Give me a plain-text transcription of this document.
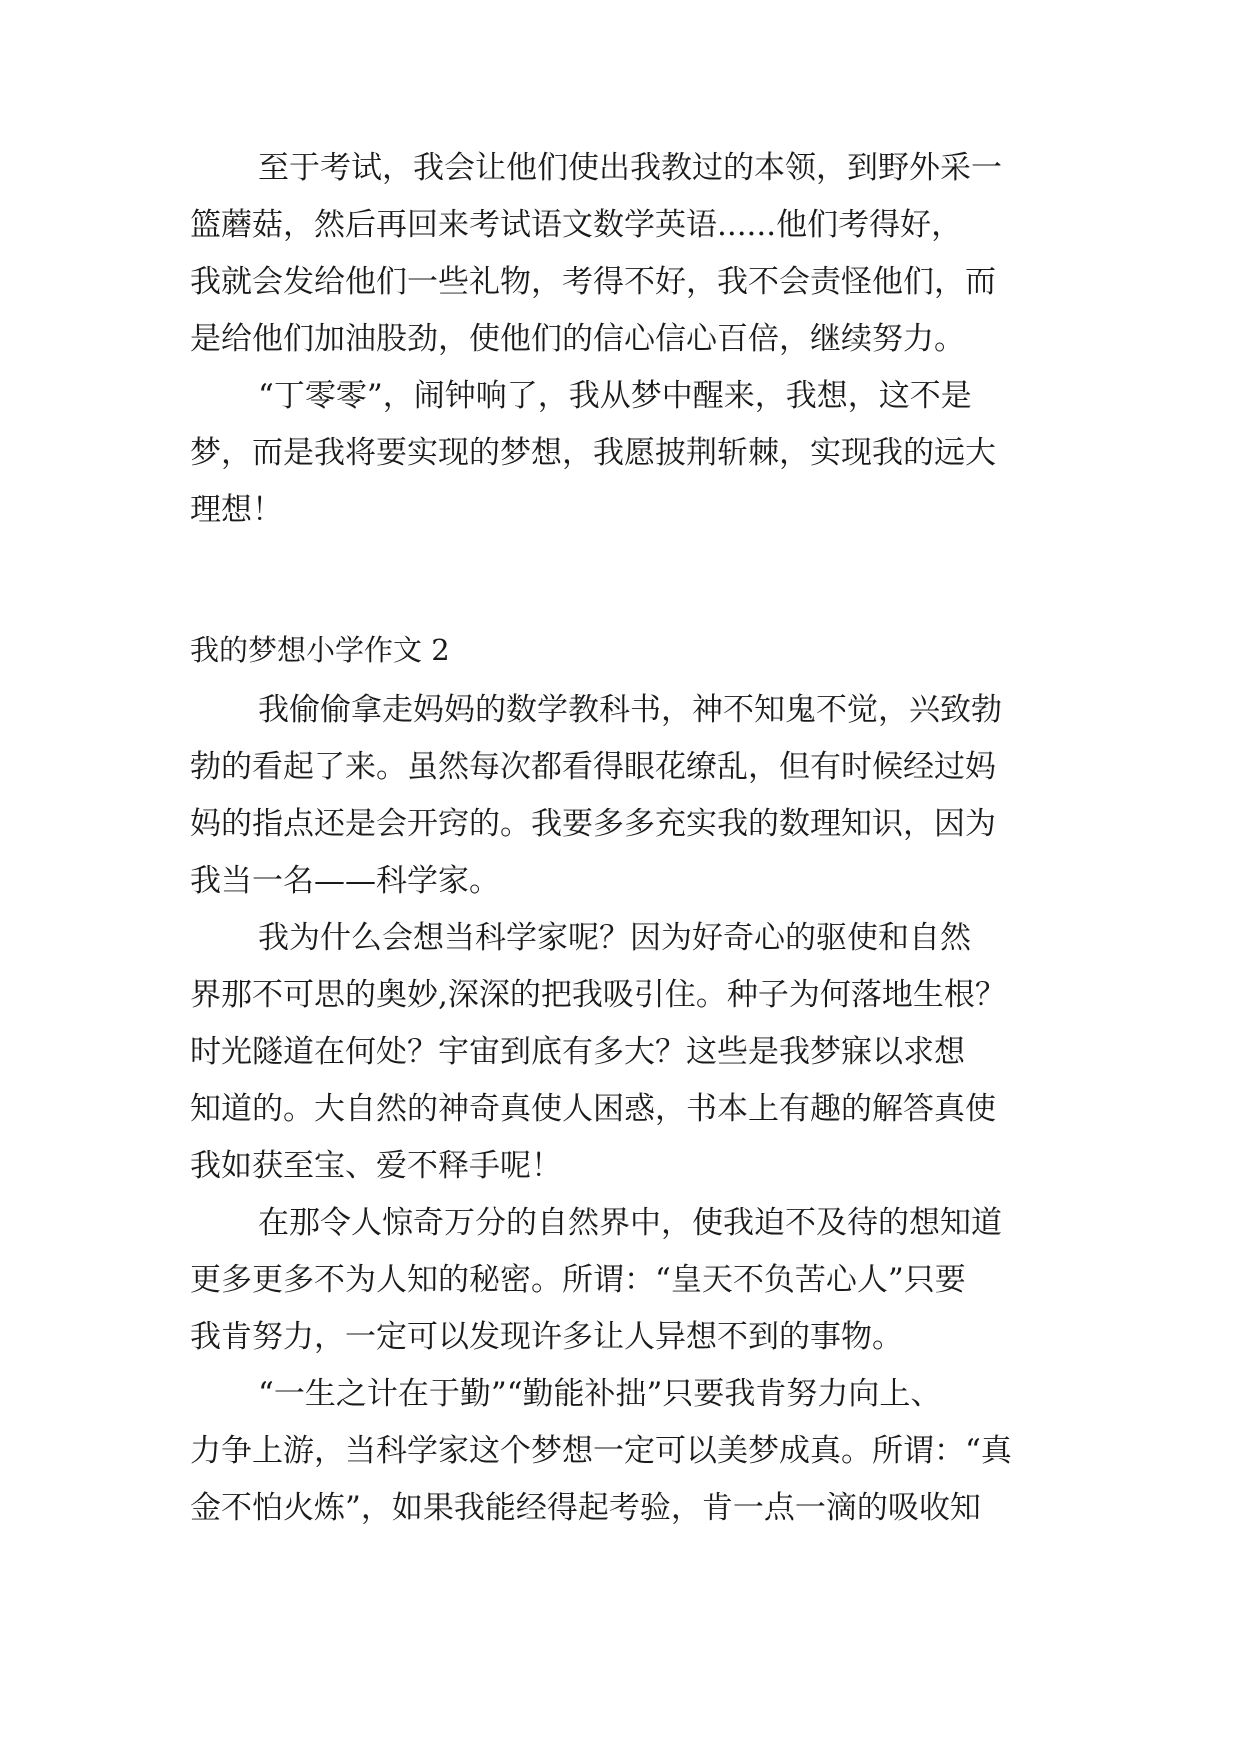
至于考试，我会让他们使出我教过的本领，到野外采一
篮蘑菇，然后再回来考试语文数学英语......他们考得好，
我就会发给他们一些礼物，考得不好，我不会责怪他们，而
是给他们加油股劲，使他们的信心信心百倍，继续努力。
“丁零零”，闹钟响了，我从梦中醒来，我想，这不是
梦，而是我将要实现的梦想，我愿披荆斩棘，实现我的远大
理想！
我偷偷拿走妈妈的数学教科书，神不知鬼不觉，兴致勃
勃的看起了来。虽然每次都看得眼花缭乱，但有时候经过妈
妈的指点还是会开窍的。我要多多充实我的数理知识，因为
我当一名——科学家。
我为什么会想当科学家呢？因为好奇心的驱使和自然
界那不可思的奥妙,深深的把我吸引住。种子为何落地生根？
时光隧道在何处？宇宙到底有多大？这些是我梦寐以求想
知道的。大自然的神奇真使人困惑，书本上有趣的解答真使
我如获至宝、爱不释手呢！
在那令人惊奇万分的自然界中，使我迫不及待的想知道
更多更多不为人知的秘密。所谓：“皇天不负苦心人”只要
我肯努力，一定可以发现许多让人异想不到的事物。
“一生之计在于勤”“勤能补拙”只要我肯努力向上、
力争上游，当科学家这个梦想一定可以美梦成真。所谓：“真
金不怕火炼”，如果我能经得起考验，肯一点一滴的吸收知
我的梦想小学作文 2
